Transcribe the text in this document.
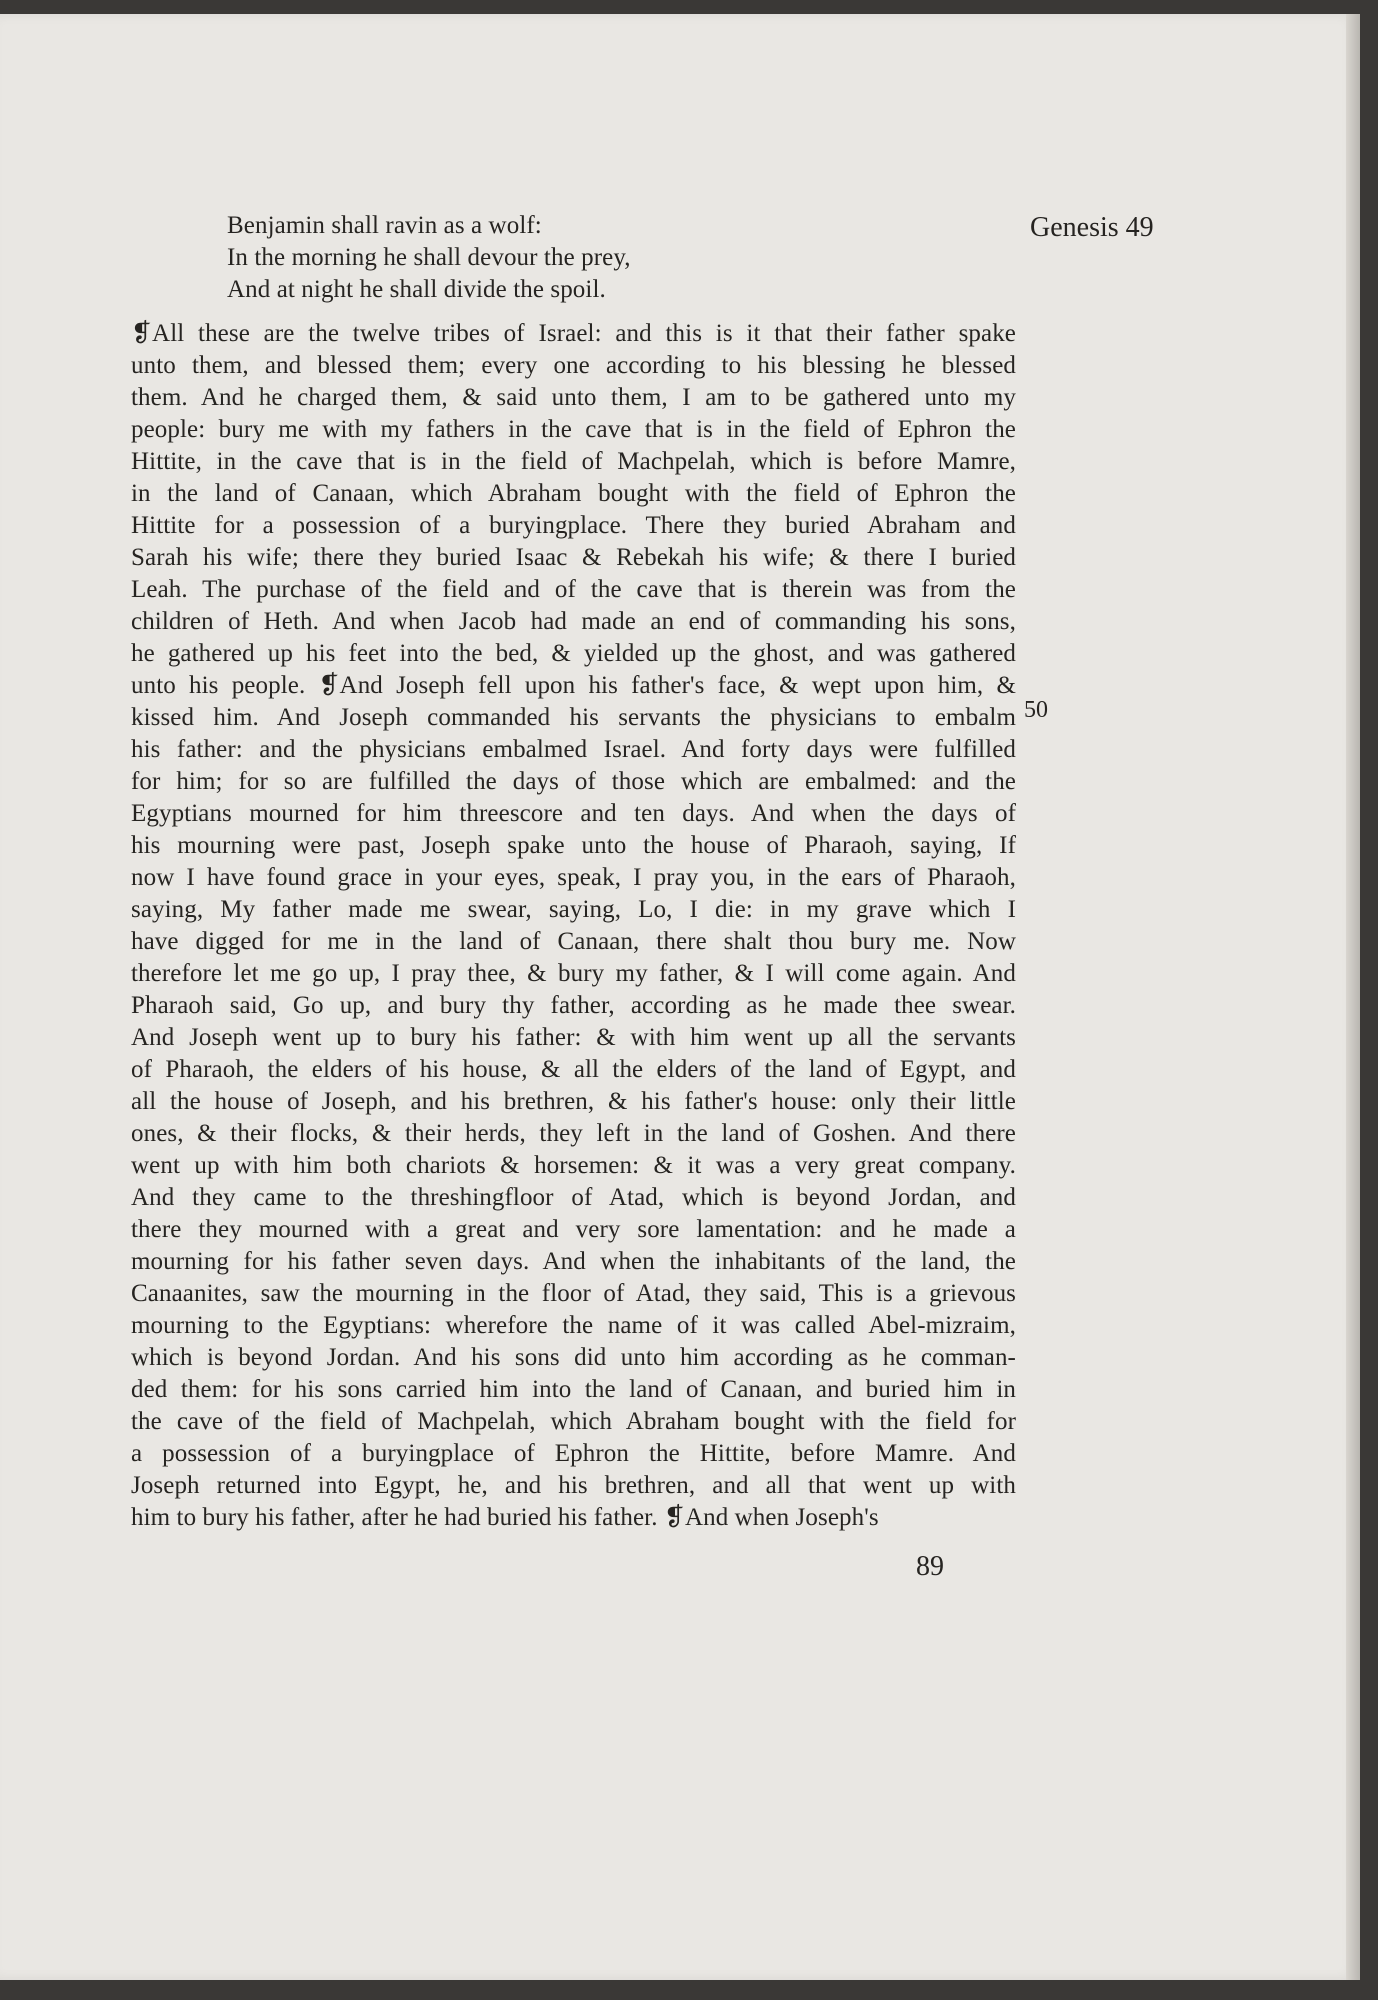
Genesis 49
Benjamin shall ravin as a wolf:
In the morning he shall devour the prey,
And at night he shall divide the spoil.
❡All these are the twelve tribes of Israel: and this is it that their father spake
unto them, and blessed them; every one according to his blessing he blessed
them. And he charged them, & said unto them, I am to be gathered unto my
people: bury me with my fathers in the cave that is in the field of Ephron the
Hittite, in the cave that is in the field of Machpelah, which is before Mamre,
in the land of Canaan, which Abraham bought with the field of Ephron the
Hittite for a possession of a buryingplace. There they buried Abraham and
Sarah his wife; there they buried Isaac & Rebekah his wife; & there I buried
Leah. The purchase of the field and of the cave that is therein was from the
children of Heth. And when Jacob had made an end of commanding his sons,
he gathered up his feet into the bed, & yielded up the ghost, and was gathered
unto his people. ❡And Joseph fell upon his father's face, & wept upon him, &
kissed him. And Joseph commanded his servants the physicians to embalm
his father: and the physicians embalmed Israel. And forty days were fulfilled
for him; for so are fulfilled the days of those which are embalmed: and the
Egyptians mourned for him threescore and ten days. And when the days of
his mourning were past, Joseph spake unto the house of Pharaoh, saying, If
now I have found grace in your eyes, speak, I pray you, in the ears of Pharaoh,
saying, My father made me swear, saying, Lo, I die: in my grave which I
have digged for me in the land of Canaan, there shalt thou bury me. Now
therefore let me go up, I pray thee, & bury my father, & I will come again. And
Pharaoh said, Go up, and bury thy father, according as he made thee swear.
And Joseph went up to bury his father: & with him went up all the servants
of Pharaoh, the elders of his house, & all the elders of the land of Egypt, and
all the house of Joseph, and his brethren, & his father's house: only their little
ones, & their flocks, & their herds, they left in the land of Goshen. And there
went up with him both chariots & horsemen: & it was a very great company.
And they came to the threshingfloor of Atad, which is beyond Jordan, and
there they mourned with a great and very sore lamentation: and he made a
mourning for his father seven days. And when the inhabitants of the land, the
Canaanites, saw the mourning in the floor of Atad, they said, This is a grievous
mourning to the Egyptians: wherefore the name of it was called Abel-mizraim,
which is beyond Jordan. And his sons did unto him according as he comman-
ded them: for his sons carried him into the land of Canaan, and buried him in
the cave of the field of Machpelah, which Abraham bought with the field for
a possession of a buryingplace of Ephron the Hittite, before Mamre. And
Joseph returned into Egypt, he, and his brethren, and all that went up with
him to bury his father, after he had buried his father. ❡And when Joseph's
50
89
